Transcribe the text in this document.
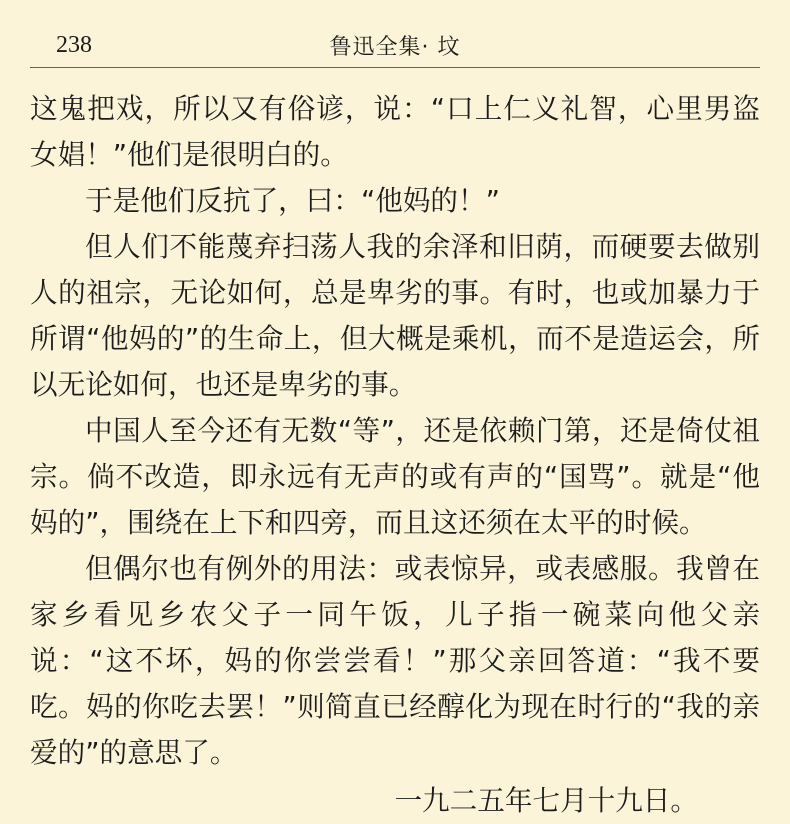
238	鲁迅全集· 坟

这鬼把戏，所以又有俗谚，说：“口上仁义礼智，心里男盗女娼！”他们是很明白的。

于是他们反抗了，曰：“他妈的！”

但人们不能蔑弃扫荡人我的余泽和旧荫，而硬要去做别人的祖宗，无论如何，总是卑劣的事。有时，也或加暴力于所谓“他妈的”的生命上，但大概是乘机，而不是造运会，所以无论如何，也还是卑劣的事。

中国人至今还有无数“等”，还是依赖门第，还是倚仗祖宗。倘不改造，即永远有无声的或有声的“国骂”。就是“他妈的”，围绕在上下和四旁，而且这还须在太平的时候。

但偶尔也有例外的用法：或表惊异，或表感服。我曾在家乡看见乡农父子一同午饭，儿子指一碗菜向他父亲说：“这不坏，妈的你尝尝看！”那父亲回答道：“我不要吃。妈的你吃去罢！”则简直已经醇化为现在时行的“我的亲爱的”的意思了。

一九二五年七月十九日。
